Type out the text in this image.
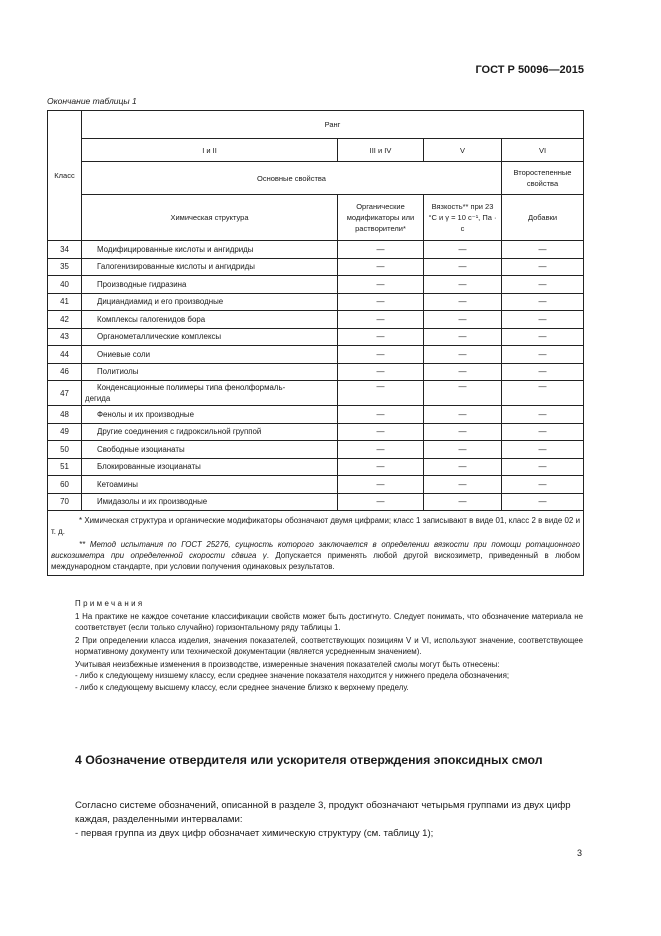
ГОСТ Р 50096—2015
Окончание таблицы 1
Класс	Ранг			
	I и II	III и IV	V	VI
	Основные свойства			Второстепенные свойства
	Химическая структура	Органические модификаторы или растворители*	Вязкость** при 23 °С и γ = 10 с⁻¹, Па · с	Добавки
34	Модифицированные кислоты и ангидриды	—	—	—
35	Галогенизированные кислоты и ангидриды	—	—	—
40	Производные гидразина	—	—	—
41	Дициандиамид и его производные	—	—	—
42	Комплексы галогенидов бора	—	—	—
43	Органометаллические комплексы	—	—	—
44	Ониевые соли	—	—	—
46	Политиолы	—	—	—
47	Конденсационные полимеры типа фенолформаль-
дегида	—	—	—
48	Фенолы и их производные	—	—	—
49	Другие соединения с гидроксильной группой	—	—	—
50	Свободные изоцианаты	—	—	—
51	Блокированные изоцианаты	—	—	—
60	Кетоамины	—	—	—
70	Имидазолы и их производные	—	—	—

* Химическая структура и органические модификаторы обозначают двумя цифрами; класс 1 записывают в виде 01, класс 2 в виде 02 и т. д.

** Метод испытания по ГОСТ 25276, сущность которого заключается в определении вязкости при помощи ротационного вискозиметра при определенной скорости сдвига γ. Допускается применять любой другой вискозиметр, приведенный в любом международном стандарте, при условии получения одинаковых результатов.				

Примечания

1 На практике не каждое сочетание классификации свойств может быть достигнуто. Следует понимать, что обозначение материала не соответствует (если только случайно) горизонтальному ряду таблицы 1.

2 При определении класса изделия, значения показателей, соответствующих позициям V и VI, используют значение, соответствующее нормативному документу или технической документации (является усредненным значением).

Учитывая неизбежные изменения в производстве, измеренные значения показателей смолы могут быть отнесены:

- либо к следующему низшему классу, если среднее значение показателя находится у нижнего предела обозначения;

- либо к следующему высшему классу, если среднее значение близко к верхнему пределу.

4 Обозначение отвердителя или ускорителя отверждения эпоксидных смол

Согласно системе обозначений, описанной в разделе 3, продукт обозначают четырьмя группами из двух цифр каждая, разделенными интервалами:

- первая группа из двух цифр обозначает химическую структуру (см. таблицу 1);

3
